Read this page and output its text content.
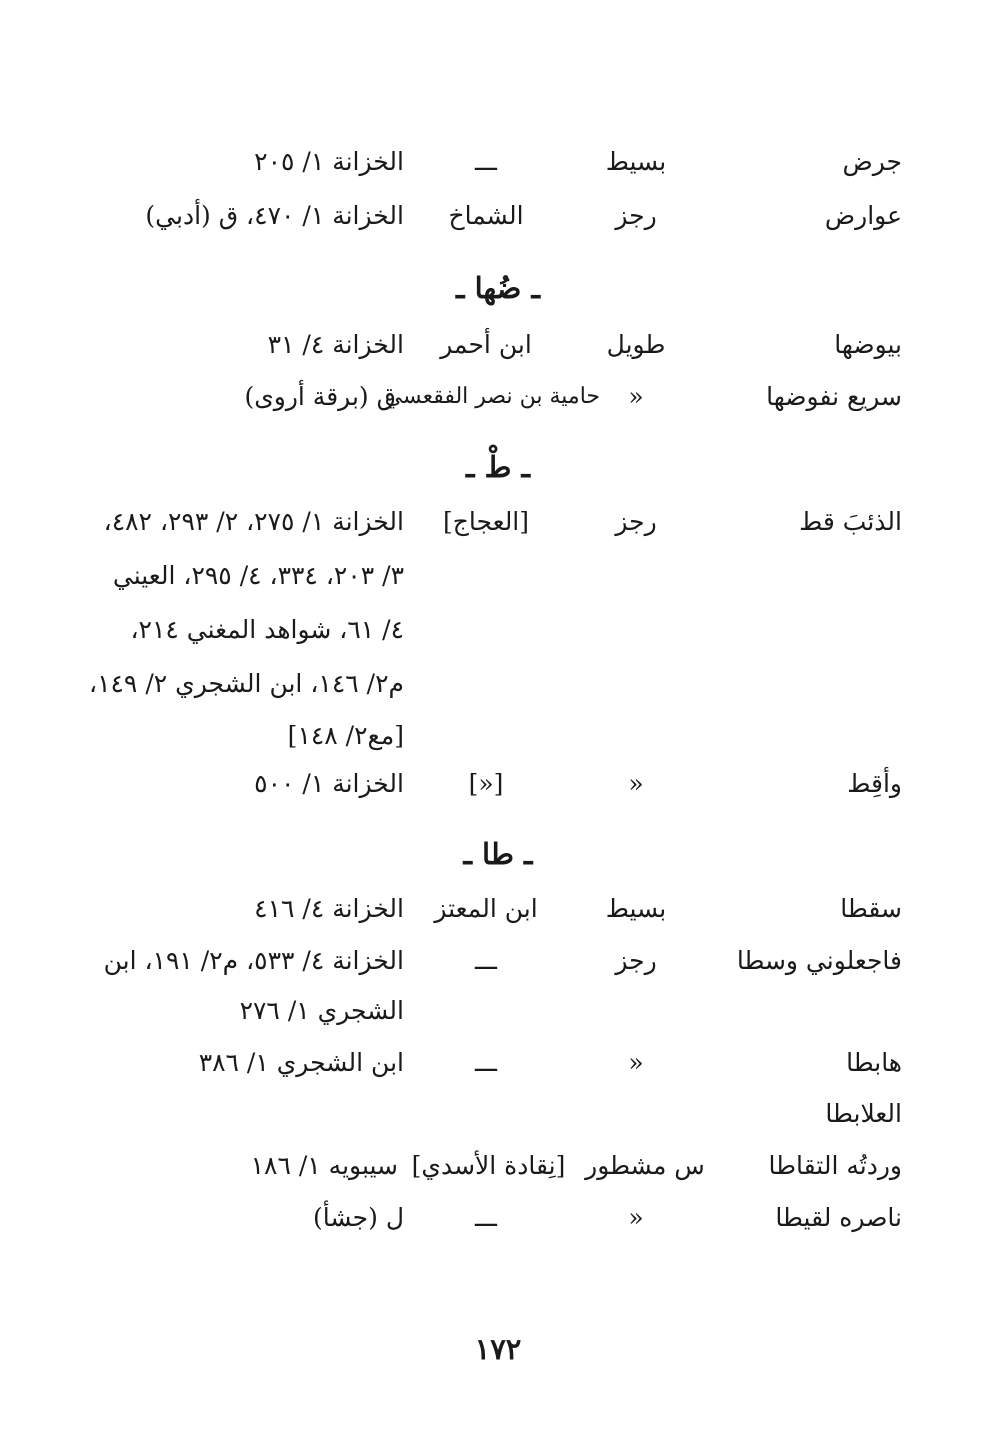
جرض
بسيط
ـــ
الخزانة ١/ ٢٠٥
عوارض
رجز
الشماخ
الخزانة ١/ ٤٧٠، ق (أدبي)
ـ ضُها ـ
بيوضها
طويل
ابن أحمر
الخزانة ٤/ ٣١
سريع نفوضها
«
حامية بن نصر الفقعسي
ق (برقة أروى)
ـ طْ ـ
الذئبَ قط
رجز
[العجاج]
الخزانة ١/ ٢٧٥، ٢/ ٢٩٣، ٤٨٢،
٣/ ٢٠٣، ٣٣٤، ٤/ ٢٩٥، العيني
٤/ ٦١، شواهد المغني ٢١٤،
م٢/ ١٤٦، ابن الشجري ٢/ ١٤٩،
[مع٢/ ١٤٨]
وأقِط
«
[«]
الخزانة ١/ ٥٠٠
ـ طا ـ
سقطا
بسيط
ابن المعتز
الخزانة ٤/ ٤١٦
فاجعلوني وسطا
رجز
ـــ
الخزانة ٤/ ٥٣٣، م٢/ ١٩١، ابن
الشجري ١/ ٢٧٦
هابطا
«
ـــ
ابن الشجري ١/ ٣٨٦
العلابطا
وردتُه التقاطا
س مشطور
[نِقادة الأسدي]
سيبويه ١/ ١٨٦
ناصره لقيطا
«
ـــ
ل (جشأ)
١٧٢
